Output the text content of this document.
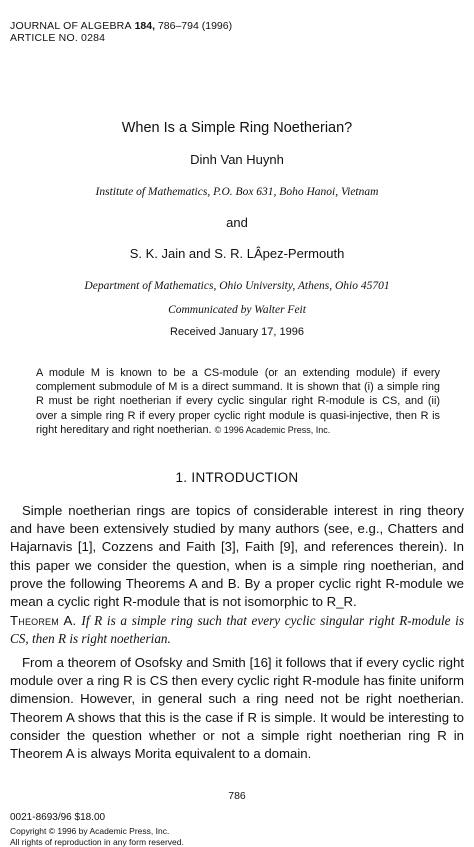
JOURNAL OF ALGEBRA 184, 786–794 (1996)
ARTICLE NO. 0284
When Is a Simple Ring Noetherian?
Dinh Van Huynh
Institute of Mathematics, P.O. Box 631, Boho Hanoi, Vietnam
and
S. K. Jain and S. R. LÂpez-Permouth
Department of Mathematics, Ohio University, Athens, Ohio 45701
Communicated by Walter Feit
Received January 17, 1996
A module M is known to be a CS-module (or an extending module) if every complement submodule of M is a direct summand. It is shown that (i) a simple ring R must be right noetherian if every cyclic singular right R-module is CS, and (ii) over a simple ring R if every proper cyclic right module is quasi-injective, then R is right hereditary and right noetherian. © 1996 Academic Press, Inc.
1. INTRODUCTION
Simple noetherian rings are topics of considerable interest in ring theory and have been extensively studied by many authors (see, e.g., Chatters and Hajarnavis [1], Cozzens and Faith [3], Faith [9], and references therein). In this paper we consider the question, when is a simple ring noetherian, and prove the following Theorems A and B. By a proper cyclic right R-module we mean a cyclic right R-module that is not isomorphic to R_R.
Theorem A. If R is a simple ring such that every cyclic singular right R-module is CS, then R is right noetherian.
From a theorem of Osofsky and Smith [16] it follows that if every cyclic right module over a ring R is CS then every cyclic right R-module has finite uniform dimension. However, in general such a ring need not be right noetherian. Theorem A shows that this is the case if R is simple. It would be interesting to consider the question whether or not a simple right noetherian ring R in Theorem A is always Morita equivalent to a domain.
786
0021-8693/96 $18.00
Copyright © 1996 by Academic Press, Inc.
All rights of reproduction in any form reserved.
